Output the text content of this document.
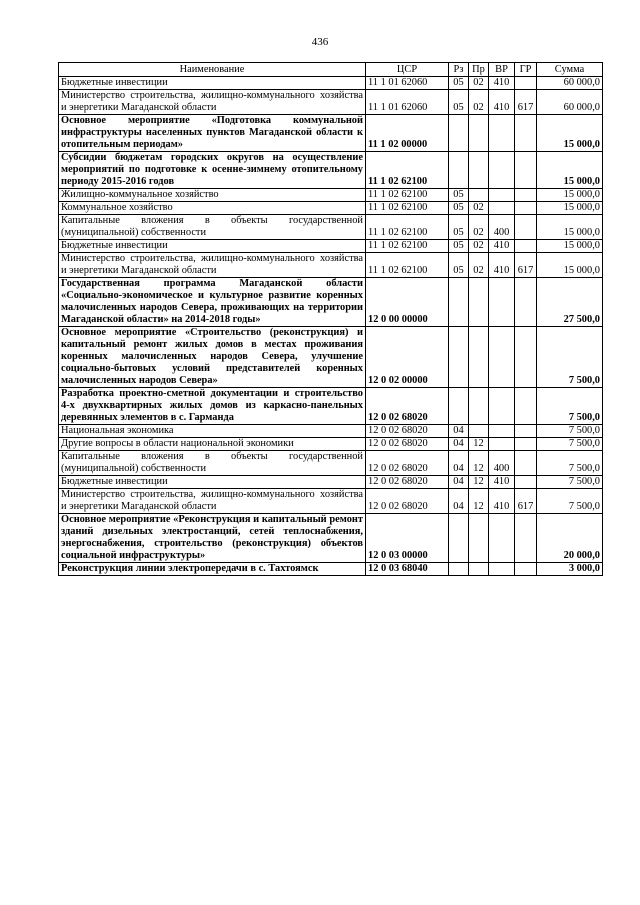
436
Наименование	ЦСР	Рз	Пр	ВР	ГР	Сумма
Бюджетные инвестиции	11 1 01 62060	05	02	410		60 000,0
Министерство строительства, жилищно-коммунального хозяйства и энергетики Магаданской области	11 1 01 62060	05	02	410	617	60 000,0
Основное мероприятие «Подготовка коммунальной инфраструктуры населенных пунктов Магаданской области к отопительным периодам»	11 1 02 00000					15 000,0
Субсидии бюджетам городских округов на осуществление мероприятий по подготовке к осенне-зимнему отопительному периоду 2015-2016 годов	11 1 02 62100					15 000,0
Жилищно-коммунальное хозяйство	11 1 02 62100	05				15 000,0
Коммунальное хозяйство	11 1 02 62100	05	02			15 000,0
Капитальные вложения в объекты государственной (муниципальной) собственности	11 1 02 62100	05	02	400		15 000,0
Бюджетные инвестиции	11 1 02 62100	05	02	410		15 000,0
Министерство строительства, жилищно-коммунального хозяйства и энергетики Магаданской области	11 1 02 62100	05	02	410	617	15 000,0
Государственная программа Магаданской области «Социально-экономическое и культурное развитие коренных малочисленных народов Севера, проживающих на территории Магаданской области» на 2014-2018 годы»	12 0 00 00000					27 500,0
Основное мероприятие «Строительство (реконструкция) и капитальный ремонт жилых домов в местах проживания коренных малочисленных народов Севера, улучшение социально-бытовых условий представителей коренных малочисленных народов Севера»	12 0 02 00000					7 500,0
Разработка проектно-сметной документации и строительство 4-х двухквартирных жилых домов из каркасно-панельных деревянных элементов в с. Гарманда	12 0 02 68020					7 500,0
Национальная экономика	12 0 02 68020	04				7 500,0
Другие вопросы в области национальной экономики	12 0 02 68020	04	12			7 500,0
Капитальные вложения в объекты государственной (муниципальной) собственности	12 0 02 68020	04	12	400		7 500,0
Бюджетные инвестиции	12 0 02 68020	04	12	410		7 500,0
Министерство строительства, жилищно-коммунального хозяйства и энергетики Магаданской области	12 0 02 68020	04	12	410	617	7 500,0
Основное мероприятие «Реконструкция и капитальный ремонт зданий дизельных электростанций, сетей теплоснабжения, энергоснабжения, строительство (реконструкция) объектов социальной инфраструктуры»	12 0 03 00000					20 000,0
Реконструкция линии электропередачи в с. Тахтоямск	12 0 03 68040					3 000,0
